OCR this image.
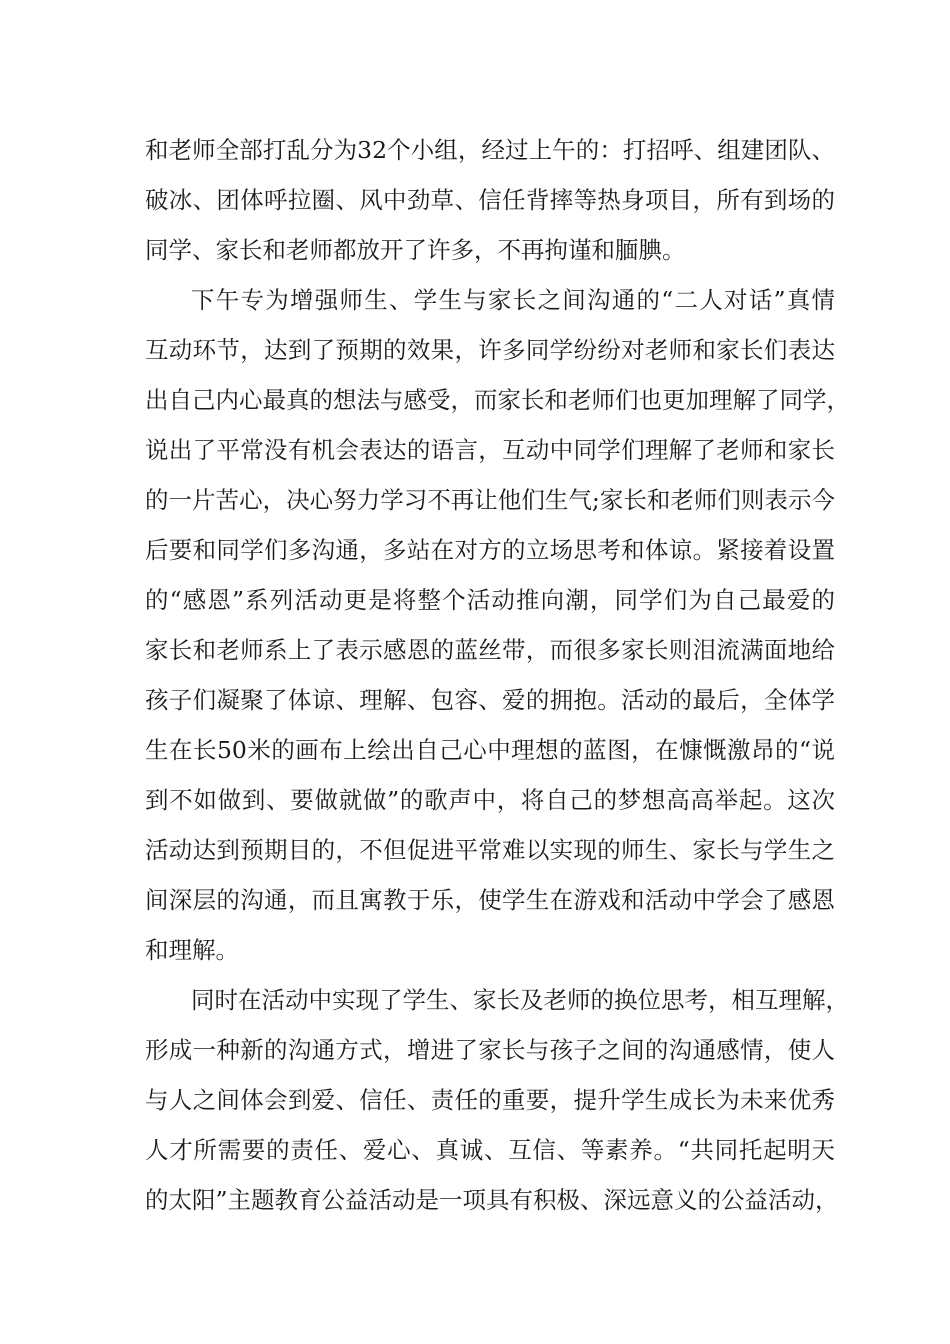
和老师全部打乱分为32个小组，经过上午的：打招呼、组建团队、
破冰、团体呼拉圈、风中劲草、信任背摔等热身项目，所有到场的
同学、家长和老师都放开了许多，不再拘谨和腼腆。
下午专为增强师生、学生与家长之间沟通的“二人对话”真情
互动环节，达到了预期的效果，许多同学纷纷对老师和家长们表达
出自己内心最真的想法与感受，而家长和老师们也更加理解了同学，
说出了平常没有机会表达的语言，互动中同学们理解了老师和家长
的一片苦心，决心努力学习不再让他们生气;家长和老师们则表示今
后要和同学们多沟通，多站在对方的立场思考和体谅。紧接着设置
的“感恩”系列活动更是将整个活动推向潮，同学们为自己最爱的
家长和老师系上了表示感恩的蓝丝带，而很多家长则泪流满面地给
孩子们凝聚了体谅、理解、包容、爱的拥抱。活动的最后，全体学
生在长50米的画布上绘出自己心中理想的蓝图，在慷慨激昂的“说
到不如做到、要做就做”的歌声中，将自己的梦想高高举起。这次
活动达到预期目的，不但促进平常难以实现的师生、家长与学生之
间深层的沟通，而且寓教于乐，使学生在游戏和活动中学会了感恩
和理解。
同时在活动中实现了学生、家长及老师的换位思考，相互理解，
形成一种新的沟通方式，增进了家长与孩子之间的沟通感情，使人
与人之间体会到爱、信任、责任的重要，提升学生成长为未来优秀
人才所需要的责任、爱心、真诚、互信、等素养。“共同托起明天
的太阳”主题教育公益活动是一项具有积极、深远意义的公益活动，
